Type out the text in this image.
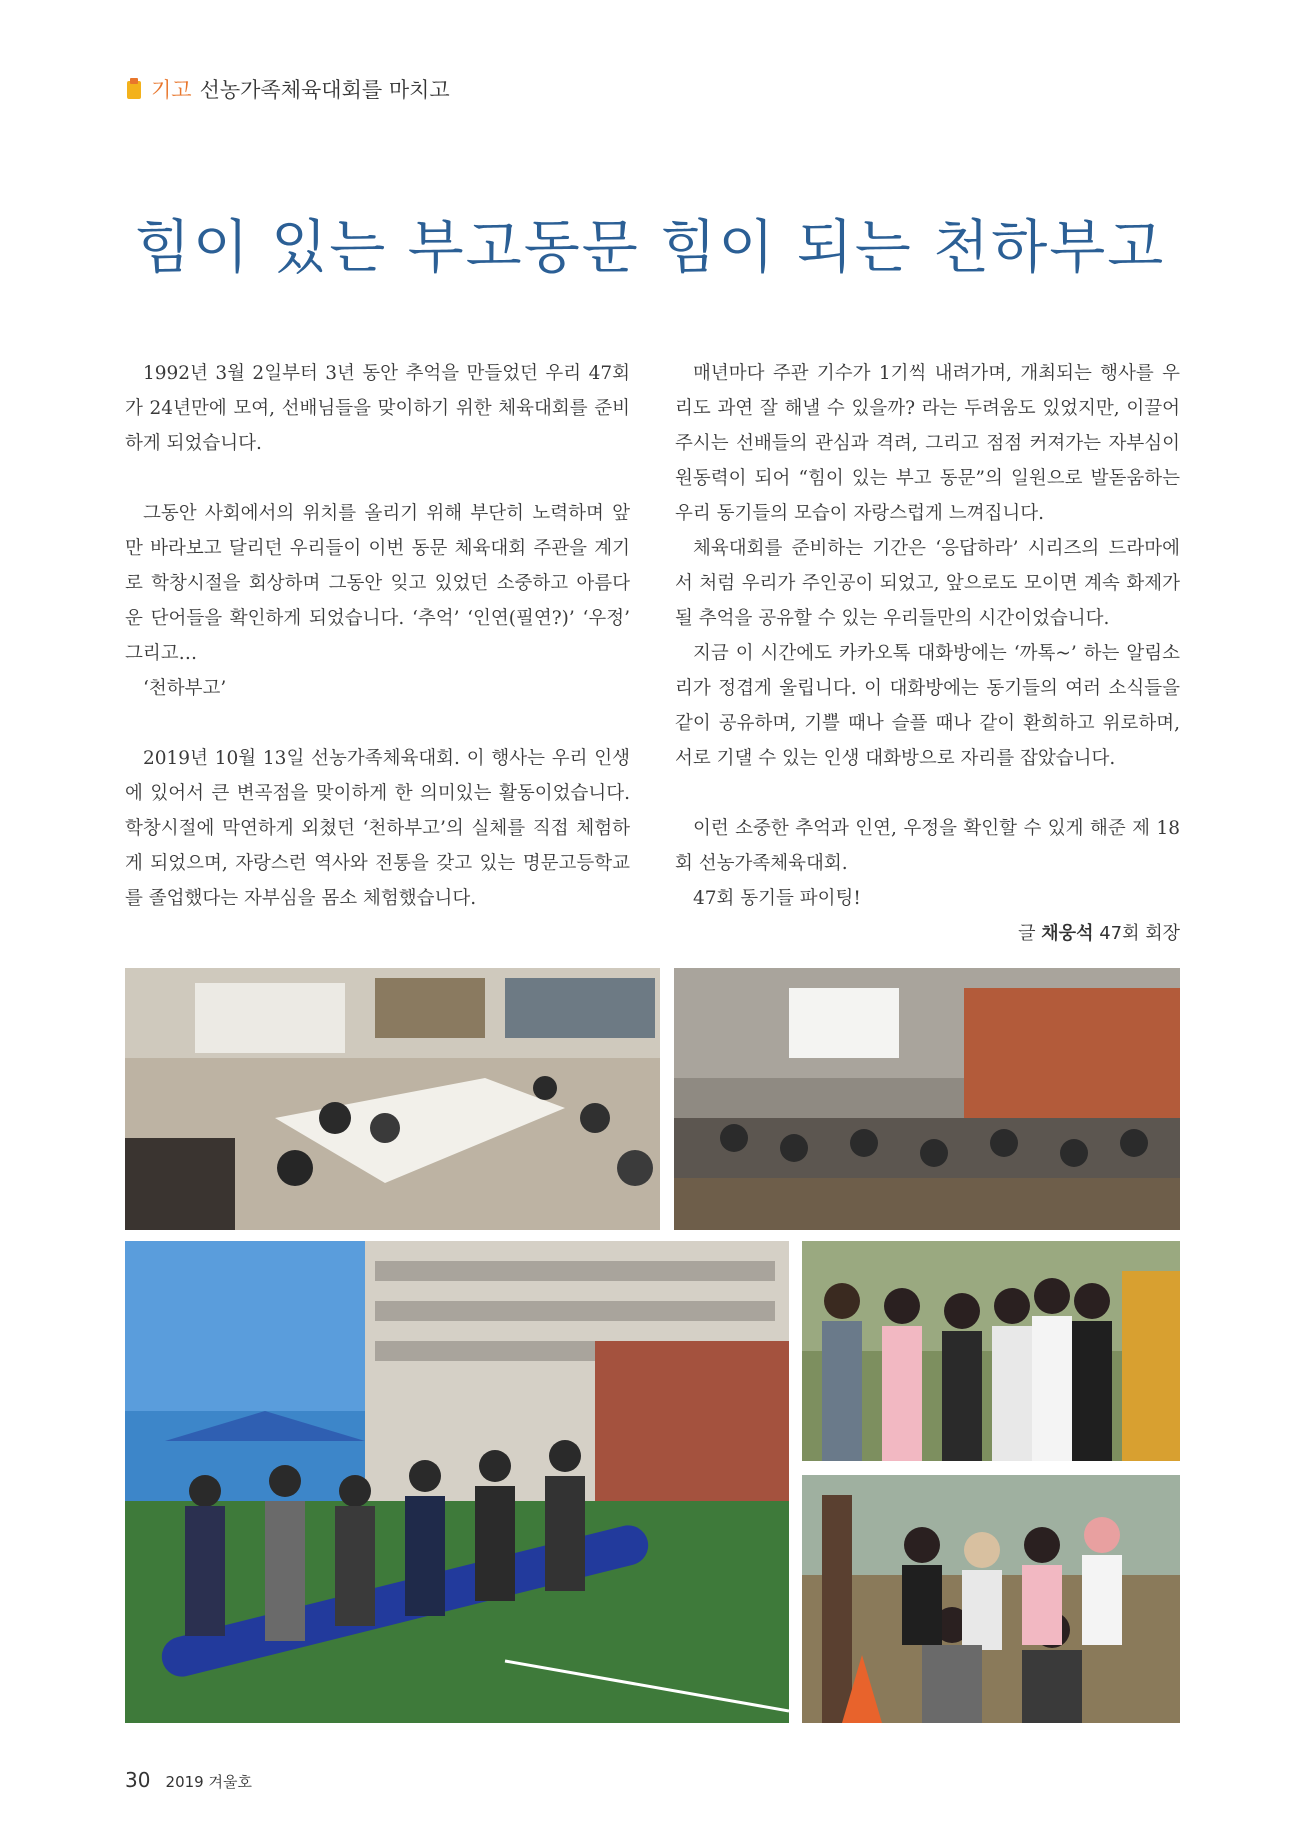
기고 선농가족체육대회를 마치고
힘이 있는 부고동문 힘이 되는 천하부고

1992년 3월 2일부터 3년 동안 추억을 만들었던 우리 47회가 24년만에 모여, 선배님들을 맞이하기 위한 체육대회를 준비하게 되었습니다.

그동안 사회에서의 위치를 올리기 위해 부단히 노력하며 앞만 바라보고 달리던 우리들이 이번 동문 체육대회 주관을 계기로 학창시절을 회상하며 그동안 잊고 있었던 소중하고 아름다운 단어들을 확인하게 되었습니다. ‘추억’ ‘인연(필연?)’ ‘우정’ 그리고…

‘천하부고’

2019년 10월 13일 선농가족체육대회. 이 행사는 우리 인생에 있어서 큰 변곡점을 맞이하게 한 의미있는 활동이었습니다. 학창시절에 막연하게 외쳤던 ‘천하부고’의 실체를 직접 체험하게 되었으며, 자랑스런 역사와 전통을 갖고 있는 명문고등학교를 졸업했다는 자부심을 몸소 체험했습니다.

매년마다 주관 기수가 1기씩 내려가며, 개최되는 행사를 우리도 과연 잘 해낼 수 있을까? 라는 두려움도 있었지만, 이끌어 주시는 선배들의 관심과 격려, 그리고 점점 커져가는 자부심이 원동력이 되어 “힘이 있는 부고 동문”의 일원으로 발돋움하는 우리 동기들의 모습이 자랑스럽게 느껴집니다.

체육대회를 준비하는 기간은 ‘응답하라’ 시리즈의 드라마에서 처럼 우리가 주인공이 되었고, 앞으로도 모이면 계속 화제가 될 추억을 공유할 수 있는 우리들만의 시간이었습니다.

지금 이 시간에도 카카오톡 대화방에는 ‘까톡~’ 하는 알림소리가 정겹게 울립니다. 이 대화방에는 동기들의 여러 소식들을 같이 공유하며, 기쁠 때나 슬플 때나 같이 환희하고 위로하며, 서로 기댈 수 있는 인생 대화방으로 자리를 잡았습니다.

이런 소중한 추억과 인연, 우정을 확인할 수 있게 해준 제 18회 선농가족체육대회.

47회 동기들 파이팅!

글 채웅석 47회 회장
30 2019 겨울호
